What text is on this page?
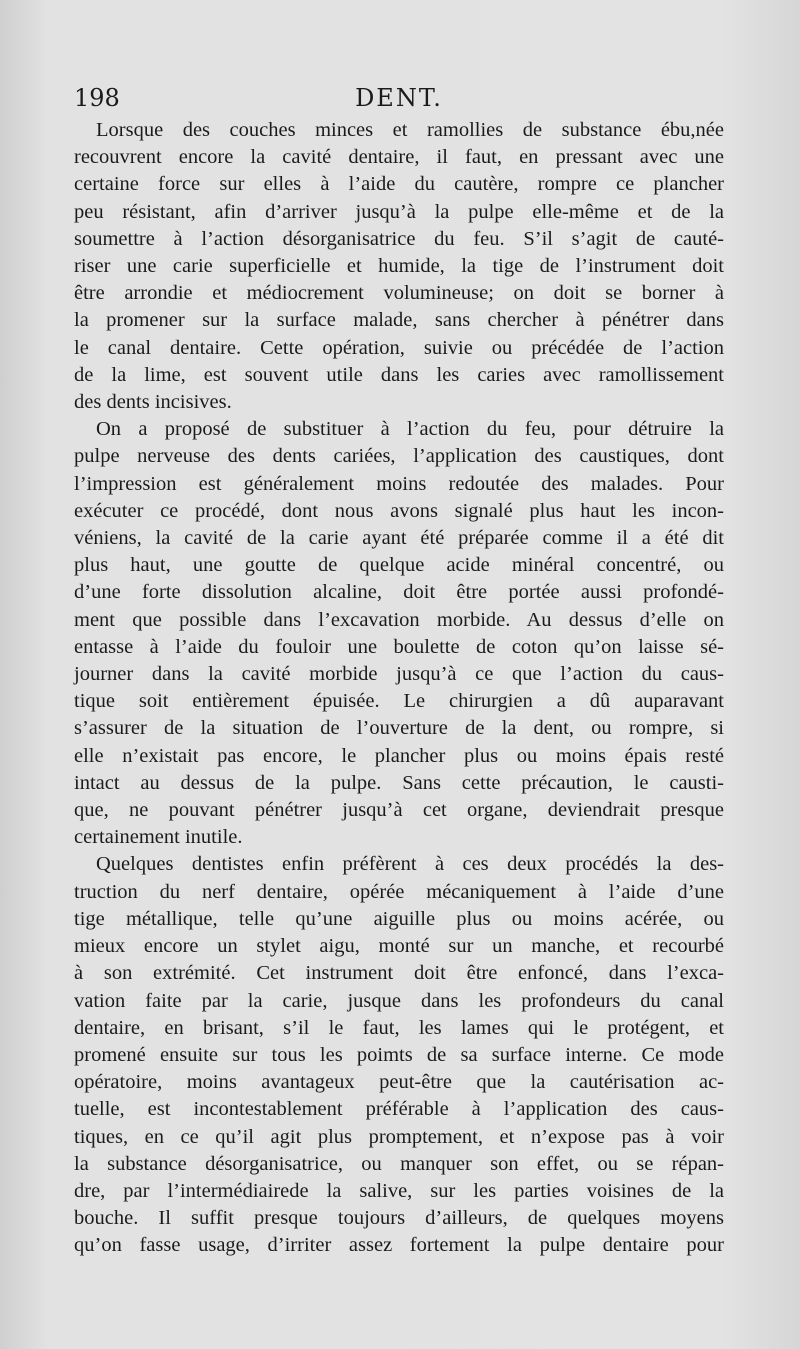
198	DENT.
Lorsque des couches minces et ramollies de substance ébu,née
recouvrent encore la cavité dentaire, il faut, en pressant avec une
certaine force sur elles à l’aide du cautère, rompre ce plancher
peu résistant, afin d’arriver jusqu’à la pulpe elle-même et de la
soumettre à l’action désorganisatrice du feu. S’il s’agit de cauté-
riser une carie superficielle et humide, la tige de l’instrument doit
être arrondie et médiocrement volumineuse; on doit se borner à
la promener sur la surface malade, sans chercher à pénétrer dans
le canal dentaire. Cette opération, suivie ou précédée de l’action
de la lime, est souvent utile dans les caries avec ramollissement
des dents incisives.
On a proposé de substituer à l’action du feu, pour détruire la
pulpe nerveuse des dents cariées, l’application des caustiques, dont
l’impression est généralement moins redoutée des malades. Pour
exécuter ce procédé, dont nous avons signalé plus haut les incon-
véniens, la cavité de la carie ayant été préparée comme il a été dit
plus haut, une goutte de quelque acide minéral concentré, ou
d’une forte dissolution alcaline, doit être portée aussi profondé-
ment que possible dans l’excavation morbide. Au dessus d’elle on
entasse à l’aide du fouloir une boulette de coton qu’on laisse sé-
journer dans la cavité morbide jusqu’à ce que l’action du caus-
tique soit entièrement épuisée. Le chirurgien a dû auparavant
s’assurer de la situation de l’ouverture de la dent, ou rompre, si
elle n’existait pas encore, le plancher plus ou moins épais resté
intact au dessus de la pulpe. Sans cette précaution, le causti-
que, ne pouvant pénétrer jusqu’à cet organe, deviendrait presque
certainement inutile.
Quelques dentistes enfin préfèrent à ces deux procédés la des-
truction du nerf dentaire, opérée mécaniquement à l’aide d’une
tige métallique, telle qu’une aiguille plus ou moins acérée, ou
mieux encore un stylet aigu, monté sur un manche, et recourbé
à son extrémité. Cet instrument doit être enfoncé, dans l’exca-
vation faite par la carie, jusque dans les profondeurs du canal
dentaire, en brisant, s’il le faut, les lames qui le protégent, et
promené ensuite sur tous les poimts de sa surface interne. Ce mode
opératoire, moins avantageux peut-être que la cautérisation ac-
tuelle, est incontestablement préférable à l’application des caus-
tiques, en ce qu’il agit plus promptement, et n’expose pas à voir
la substance désorganisatrice, ou manquer son effet, ou se répan-
dre, par l’intermédiairede la salive, sur les parties voisines de la
bouche. Il suffit presque toujours d’ailleurs, de quelques moyens
qu’on fasse usage, d’irriter assez fortement la pulpe dentaire pour
